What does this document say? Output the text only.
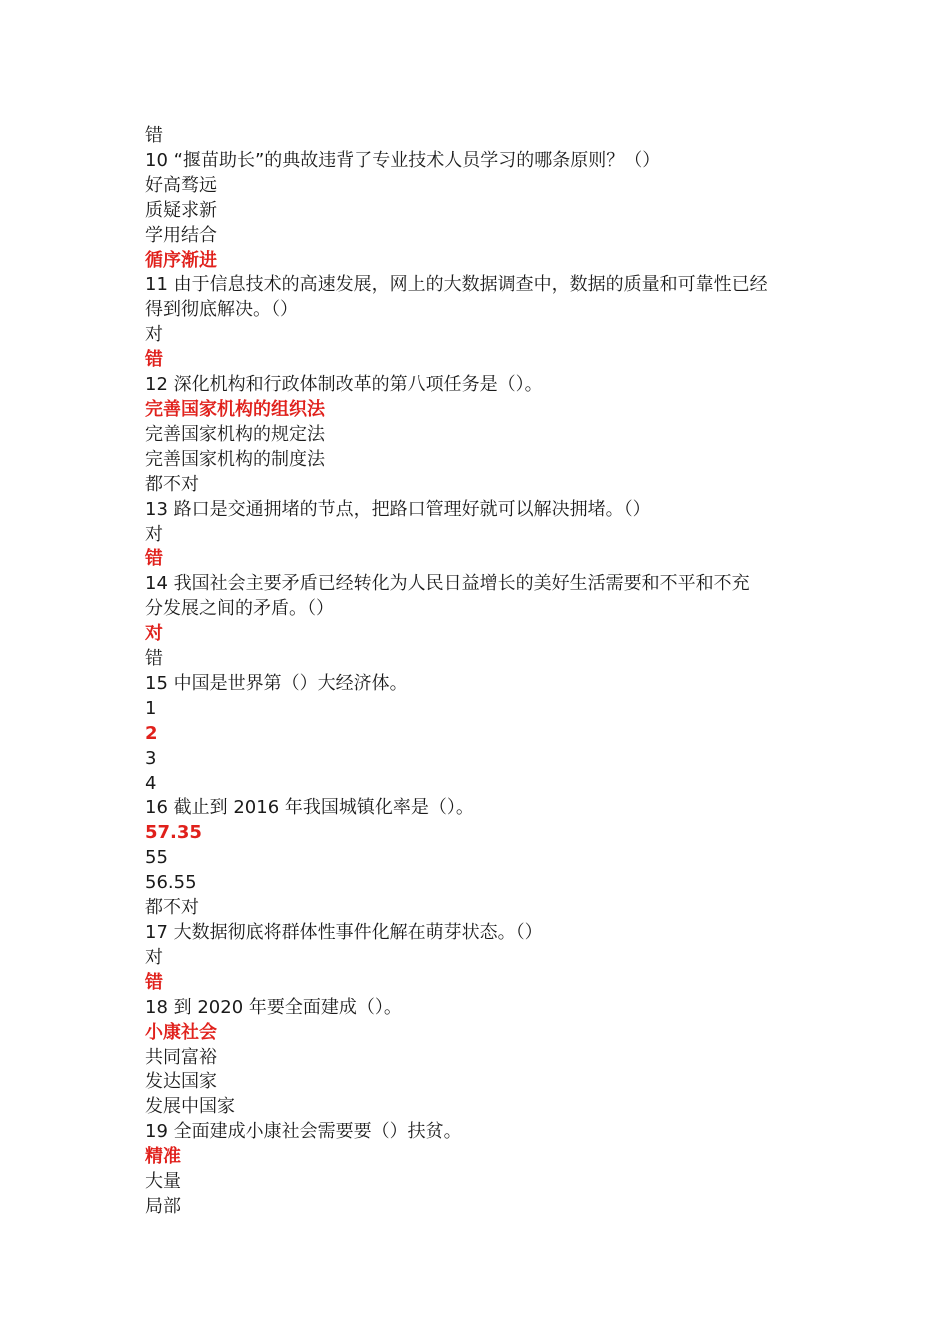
错

10 “揠苗助长”的典故违背了专业技术人员学习的哪条原则？（）

好高骛远

质疑求新

学用结合

循序渐进

11 由于信息技术的高速发展，网上的大数据调查中，数据的质量和可靠性已经

得到彻底解决。（）

对

错

12 深化机构和行政体制改革的第八项任务是（）。

完善国家机构的组织法

完善国家机构的规定法

完善国家机构的制度法

都不对

13 路口是交通拥堵的节点，把路口管理好就可以解决拥堵。（）

对

错

14 我国社会主要矛盾已经转化为人民日益增长的美好生活需要和不平和不充

分发展之间的矛盾。（）

对

错

15 中国是世界第（）大经济体。

1

2

3

4

16 截止到 2016 年我国城镇化率是（）。

57.35

55

56.55

都不对

17 大数据彻底将群体性事件化解在萌芽状态。（）

对

错

18 到 2020 年要全面建成（）。

小康社会

共同富裕

发达国家

发展中国家

19 全面建成小康社会需要要（）扶贫。

精准

大量

局部
